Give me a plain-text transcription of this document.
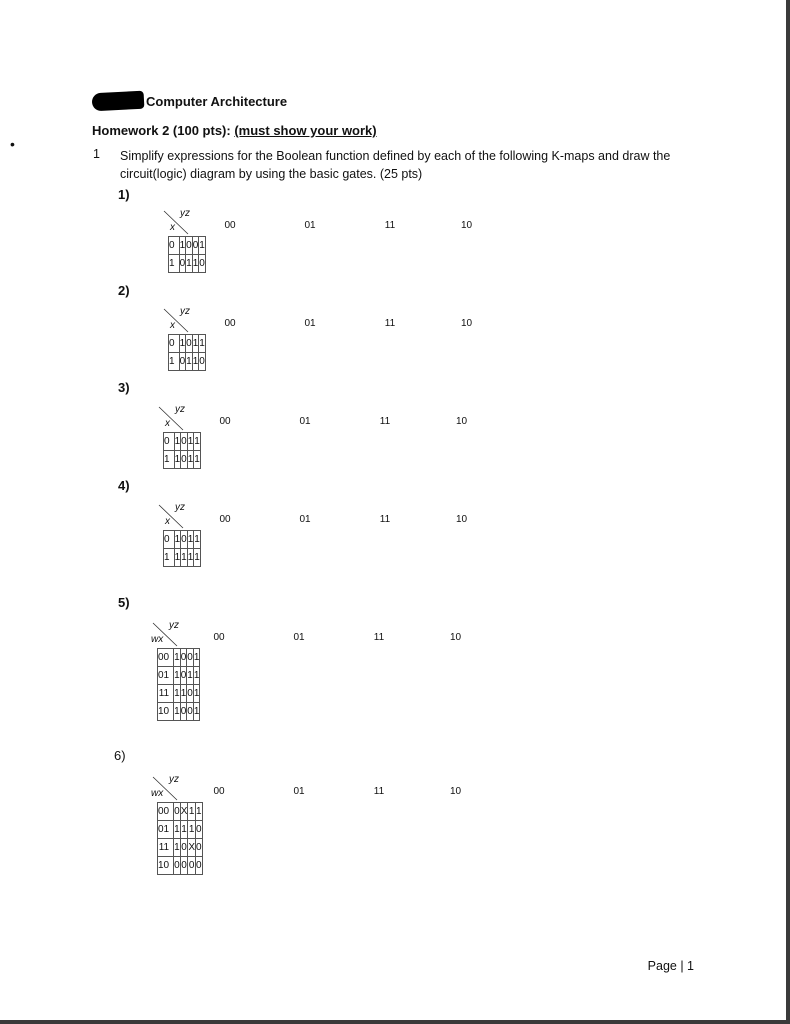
•
Computer Architecture
Homework 2 (100 pts): (must show your work)
1 Simplify expressions for the Boolean function defined by each of the following K-maps and draw the circuit(logic) diagram by using the basic gates. (25 pts)
1)
yz
x	00	01	11	10
0	1	0	0	1
1	0	1	1	0
2)
yz
x	00	01	11	10
0	1	0	1	1
1	0	1	1	0
3)
yz
x	00	01	11	10
0	1	0	1	1
1	1	0	1	1
4)
yz
x	00	01	11	10
0	1	0	1	1
1	1	1	1	1
5)
yz
wx	00	01	11	10
00	1	0	0	1
01	1	0	1	1
11	1	1	0	1
10	1	0	0	1
6)
yz
wx	00	01	11	10
00	0	X	1	1
01	1	1	1	0
11	1	0	X	0
10	0	0	0	0
Page | 1
